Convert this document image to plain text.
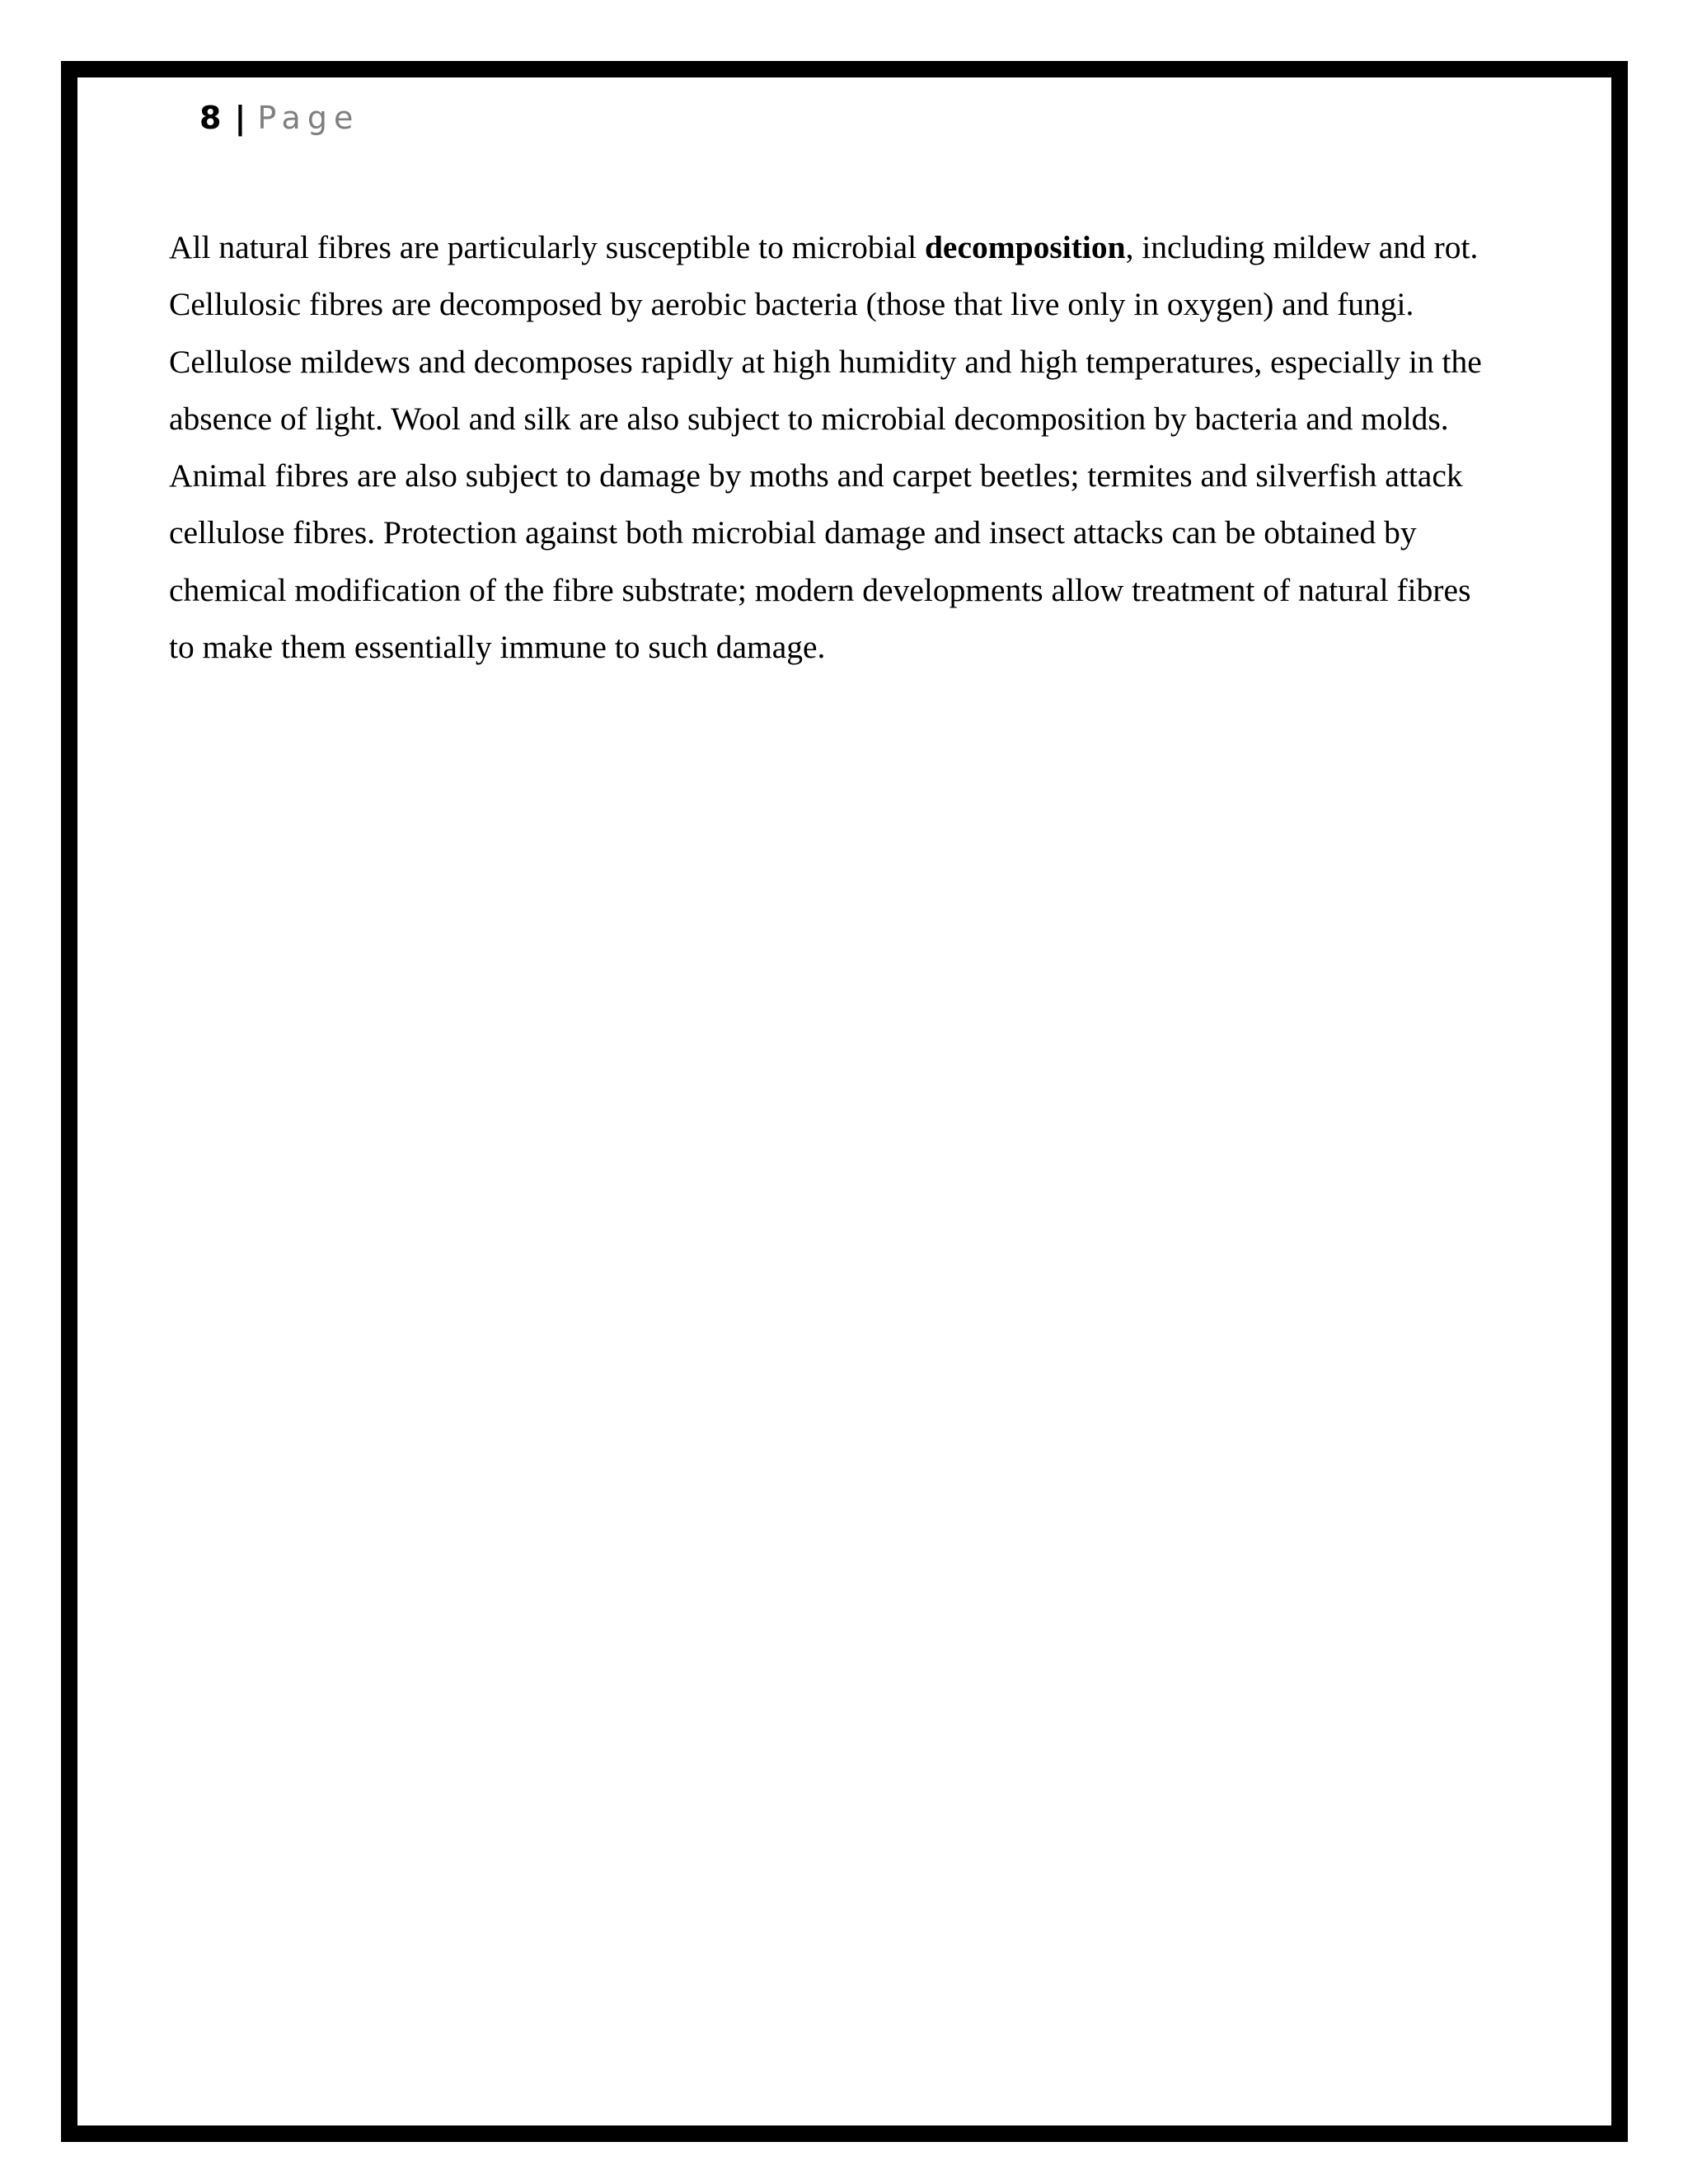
8 | Page
All natural fibres are particularly susceptible to microbial decomposition, including mildew and rot.
Cellulosic fibres are decomposed by aerobic bacteria (those that live only in oxygen) and fungi.
Cellulose mildews and decomposes rapidly at high humidity and high temperatures, especially in the
absence of light. Wool and silk are also subject to microbial decomposition by bacteria and molds.
Animal fibres are also subject to damage by moths and carpet beetles; termites and silverfish attack
cellulose fibres. Protection against both microbial damage and insect attacks can be obtained by
chemical modification of the fibre substrate; modern developments allow treatment of natural fibres
to make them essentially immune to such damage.
